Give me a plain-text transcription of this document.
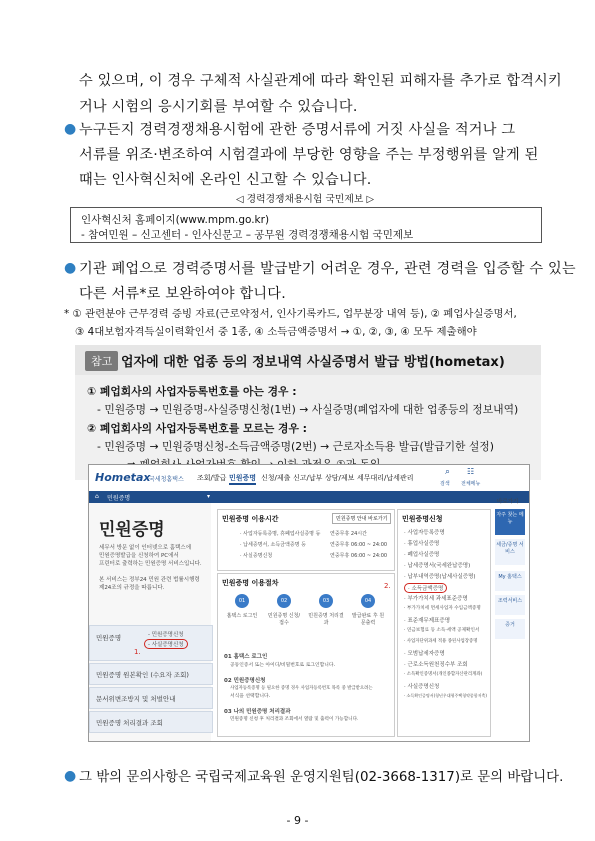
수 있으며, 이 경우 구체적 사실관계에 따라 확인된 피해자를 추가로 합격시키
거나 시험의 응시기회를 부여할 수 있습니다.
● 누구든지 경력경쟁채용시험에 관한 증명서류에 거짓 사실을 적거나 그
서류를 위조·변조하여 시험결과에 부당한 영향을 주는 부정행위를 알게 된
때는 인사혁신처에 온라인 신고할 수 있습니다.
◁ 경력경쟁채용시험 국민제보 ▷
인사혁신처 홈페이지(www.mpm.go.kr)
- 참여민원 – 신고센터 - 인사신문고 – 공무원 경력경쟁채용시험 국민제보
● 기관 폐업으로 경력증명서를 발급받기 어려운 경우, 관련 경력을 입증할 수 있는
다른 서류*로 보완하여야 합니다.
* ① 관련분야 근무경력 증빙 자료(근로약정서, 인사기록카드, 업무분장 내역 등), ② 폐업사실증명서,
③ 4대보험자격득실이력확인서 중 1종, ④ 소득금액증명서 → ①, ②, ③, ④ 모두 제출해야
참고 업자에 대한 업종 등의 정보내역 사실증명서 발급 방법(hometax)
① 폐업회사의 사업자등록번호를 아는 경우 :
- 민원증명 → 민원증명-사실증명신청(1번) → 사실증명(폐업자에 대한 업종등의 정보내역)
② 폐업회사의 사업자등록번호를 모르는 경우 :
- 민원증명 → 민원증명신청-소득금액증명(2번) → 근로자소득용 발급(발급기한 설정)
Hometax
국세청홈택스 조회/발급 민원증명 신청/제출 신고/납부 상담/제보 세무대리/납세관리
⌕
검색
☷
전체메뉴
⌂ 민원증명	▾
민원증명
세무서 방문 없이 인터넷으로 홈택스에
민원증명발급을 신청하여 PC에서
프린터로 출력하는 민원증명 서비스입니다.
본 서비스는 정부24 민원 관련 법률시행령
제24조의 규정을 따릅니다.
민원증명	- 민원증명신청
- 사실증명신청
1.
민원증명 원본확인 (수요자 조회)
문서위변조방지 및 처벌안내
민원증명 처리결과 조회
민원증명 이용시간	민원증명 안내 바로가기
· 사업자등록증명, 휴폐업사실증명 등 연중무휴 24시간
· 납세증명서, 소득금액증명 등	연중무휴 06:00 ~ 24:00
· 사실증명신청	연중무휴 06:00 ~ 24:00
민원증명 이용절차
01
홈택스 로그인
02
민원증명 신청/접수
03
민원증명 처리결과
04
발급완료 후 원문출력
01 홈택스 로그인
공동인증서 또는 아이디/비밀번호로 로그인합니다.
02 민원증명신청
사업자등록증명 등 필요한 증명 경우 사업자등록번호 목록 중 발급받으려는
서식을 선택합니다.
03 나의 민원증명 처리결과
민원증명 신청 후 처리결과 조회에서 열람 및 출력이 가능합니다.
민원증명신청
· 사업자등록증명
· 휴업사실증명
· 폐업사실증명
· 납세증명서(국세완납증명)
· 납부내역증명(납세사실증명)
· 소득금액증명
2.
· 부가가치세 과세표준증명
· 부가가치세 면세사업자 수입금액증명
· 표준재무제표증명
· 연금보험료 등 소득·세액 공제확인서
· 사업자단위과세 적용 종된사업장증명
· 모범납세자증명
· 근로소득원천징수부 조회
· 소득확인증명서(개인종합자산관리계좌)
· 사실증명신청
· 소득확인증명서(청년우대형주택청약종합저축)
바로가기
자주 찾는 메뉴
세금/증명 서비스
My 홈택스
조력서비스
증거
● 그 밖의 문의사항은 국립국제교육원 운영지원팀(02-3668-1317)로 문의 바랍니다.
- 9 -
